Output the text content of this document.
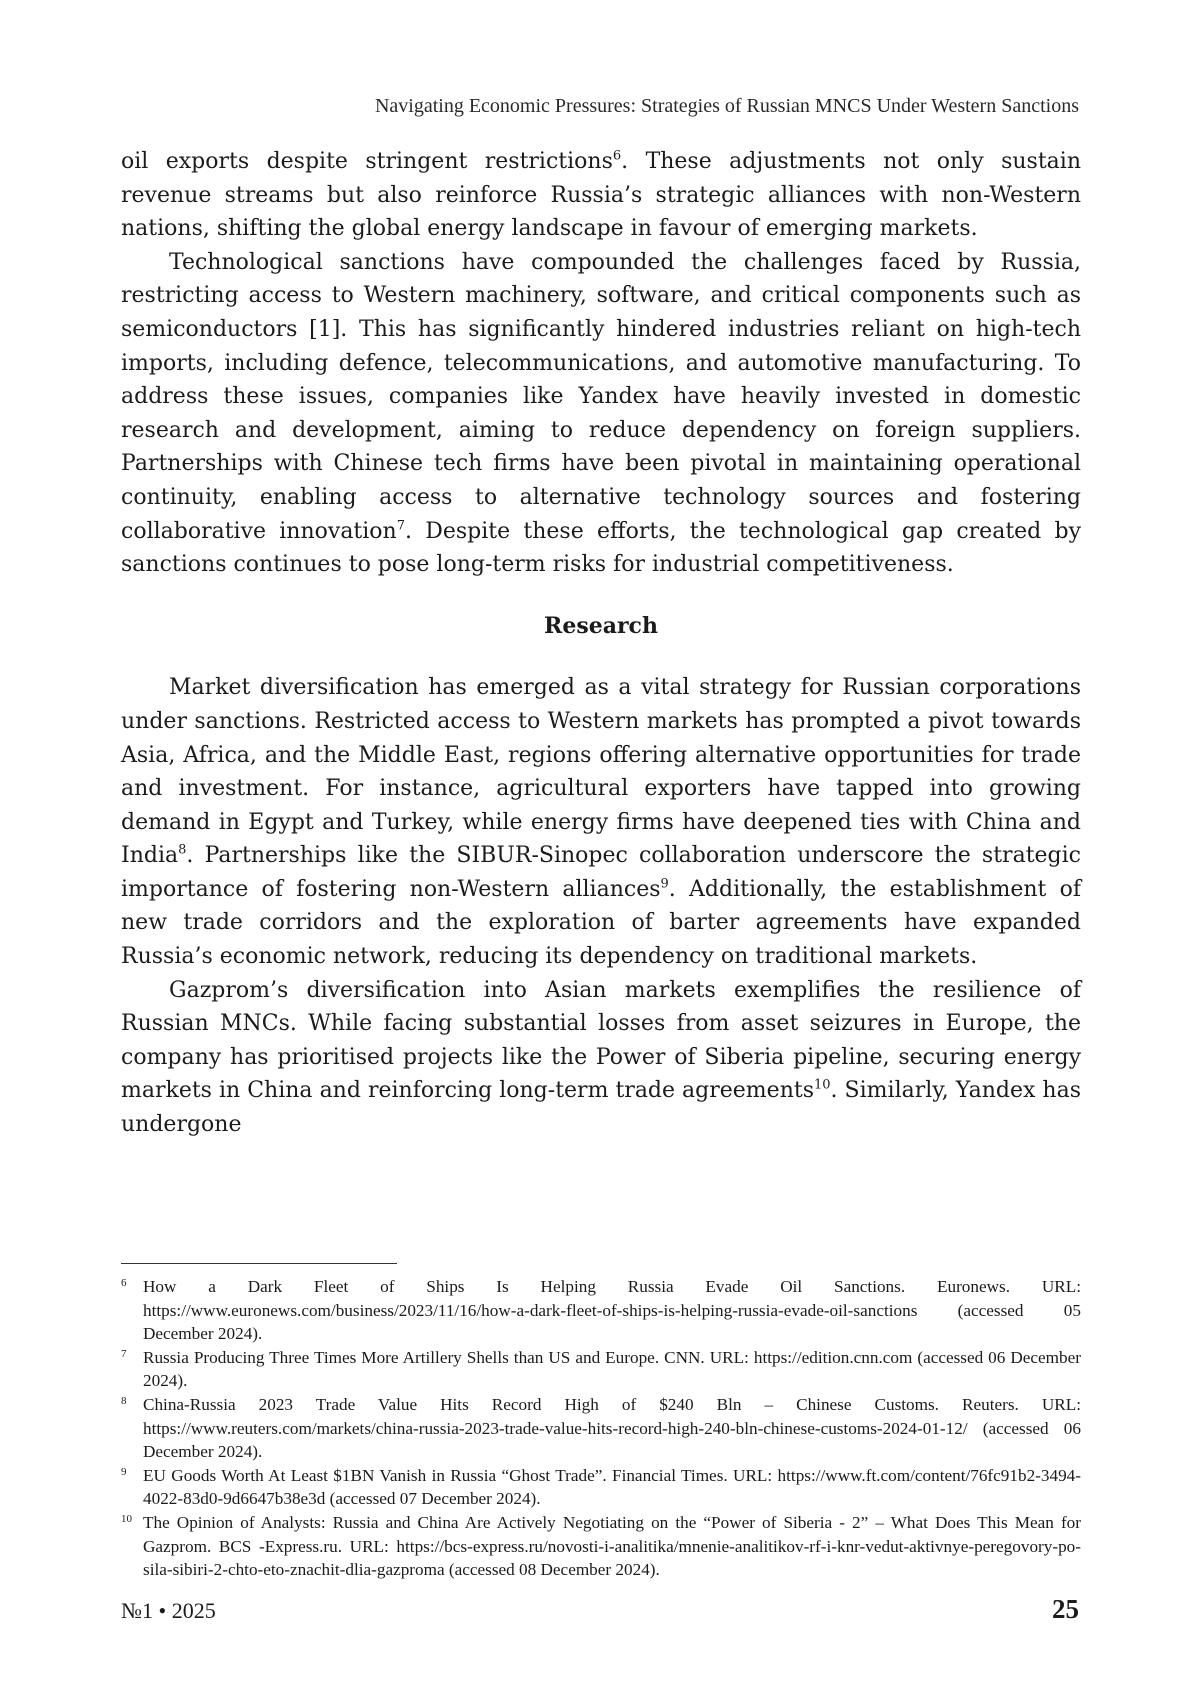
Navigating Economic Pressures: Strategies of Russian MNCS Under Western Sanctions

oil exports despite stringent restrictions$^6$. These adjustments not only sustain revenue streams but also reinforce Russia’s strategic alliances with non-Western nations, shifting the global energy landscape in favour of emerging markets.

Technological sanctions have compounded the challenges faced by Russia, restricting access to Western machinery, software, and critical components such as semiconductors [1]. This has significantly hindered industries reliant on high-tech imports, including defence, telecommunications, and automotive manufacturing. To address these issues, companies like Yandex have heavily invested in domestic research and development, aiming to reduce dependency on foreign suppliers. Partnerships with Chinese tech firms have been pivotal in maintaining operational continuity, enabling access to alternative technology sources and fostering collaborative innovation$^7$. Despite these efforts, the technological gap created by sanctions continues to pose long-term risks for industrial competitiveness.

Research

Market diversification has emerged as a vital strategy for Russian corporations under sanctions. Restricted access to Western markets has prompted a pivot towards Asia, Africa, and the Middle East, regions offering alternative opportunities for trade and investment. For instance, agricultural exporters have tapped into growing demand in Egypt and Turkey, while energy firms have deepened ties with China and India$^8$. Partnerships like the SIBUR-Sinopec collaboration underscore the strategic importance of fostering non-Western alliances$^9$. Additionally, the establishment of new trade corridors and the exploration of barter agreements have expanded Russia’s economic network, reducing its dependency on traditional markets.

Gazprom’s diversification into Asian markets exemplifies the resilience of Russian MNCs. While facing substantial losses from asset seizures in Europe, the company has prioritised projects like the Power of Siberia pipeline, securing energy markets in China and reinforcing long-term trade agreements$^{10}$. Similarly, Yandex has undergone

6 How a Dark Fleet of Ships Is Helping Russia Evade Oil Sanctions. Euronews. URL: https://www.euronews.com/business/2023/11/16/how-a-dark-fleet-of-ships-is-helping-russia-evade-oil-sanctions (accessed 05 December 2024).

7 Russia Producing Three Times More Artillery Shells than US and Europe. CNN. URL: https://edition.cnn.com (accessed 06 December 2024).

8 China-Russia 2023 Trade Value Hits Record High of $240 Bln – Chinese Customs. Reuters. URL: https://www.reuters.com/markets/china-russia-2023-trade-value-hits-record-high-240-bln-chinese-customs-2024-01-12/ (accessed 06 December 2024).

9 EU Goods Worth At Least $1BN Vanish in Russia “Ghost Trade”. Financial Times. URL: https://www.ft.com/content/76fc91b2-3494-4022-83d0-9d6647b38e3d (accessed 07 December 2024).

10 The Opinion of Analysts: Russia and China Are Actively Negotiating on the “Power of Siberia - 2” – What Does This Mean for Gazprom. BCS -Express.ru. URL: https://bcs-express.ru/novosti-i-analitika/mnenie-analitikov-rf-i-knr-vedut-aktivnye-peregovory-po-sila-sibiri-2-chto-eto-znachit-dlia-gazproma (accessed 08 December 2024).

№1 • 2025	25
